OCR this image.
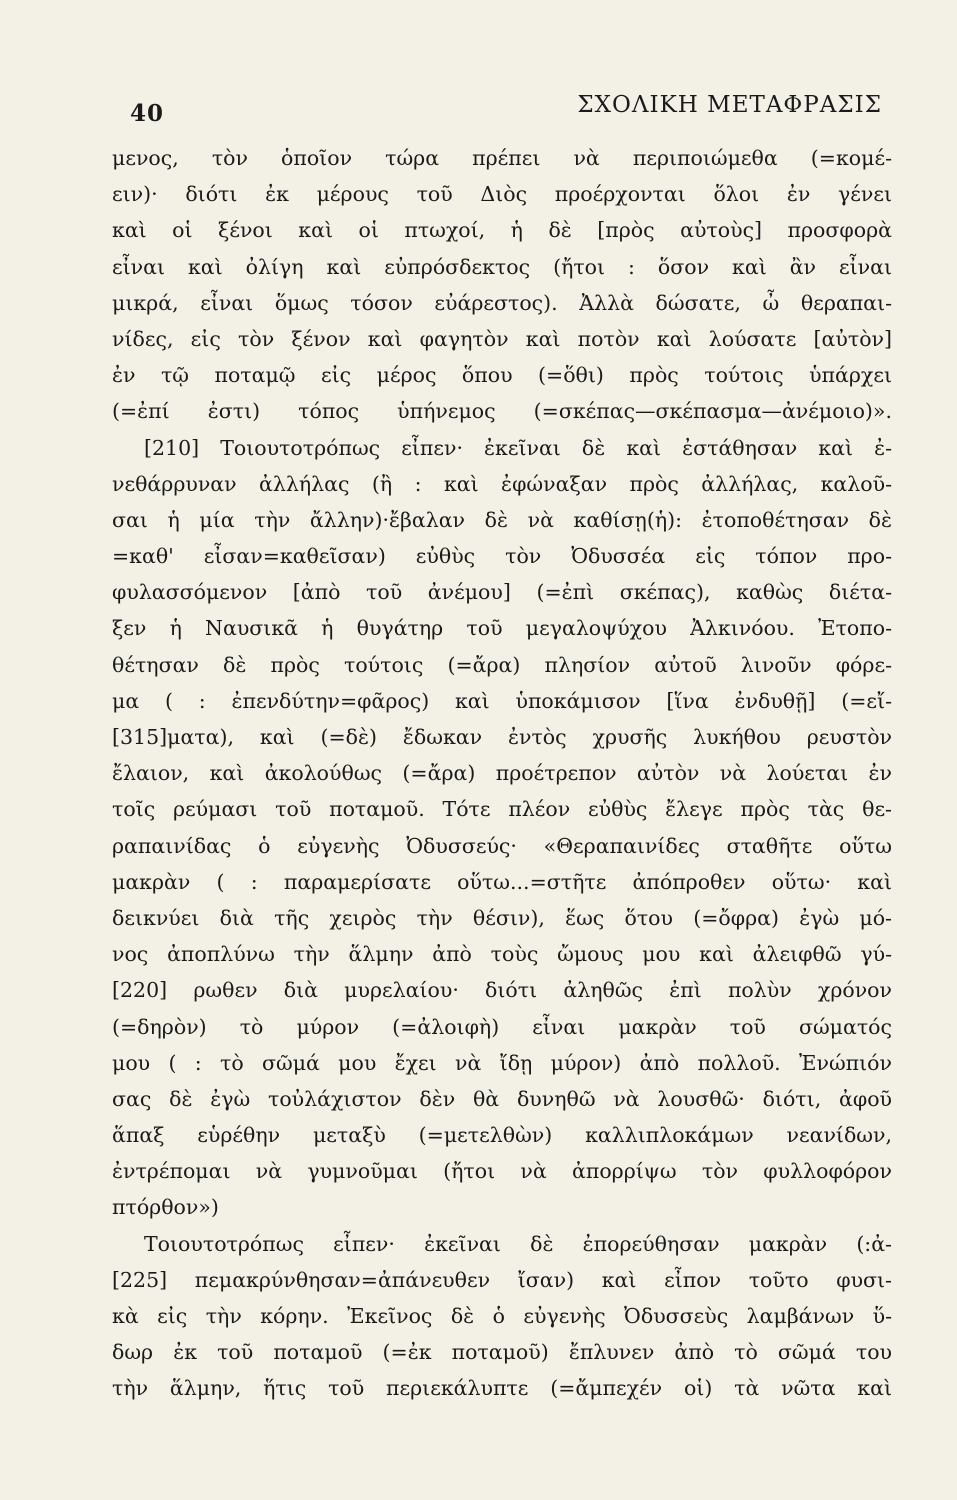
40	ΣΧΟΛΙΚΗ ΜΕΤΑΦΡΑΣΙΣ
μενος, τὸν ὁποῖον τώρα πρέπει νὰ περιποιώμεθα (=κομέ-
ειν)· διότι ἐκ μέρους τοῦ Διὸς προέρχονται ὅλοι ἐν γένει
καὶ οἱ ξένοι καὶ οἱ πτωχοί, ἡ δὲ [πρὸς αὐτοὺς] προσφορὰ
εἶναι καὶ ὀλίγη καὶ εὐπρόσδεκτος (ἤτοι : ὅσον καὶ ἂν εἶναι
μικρά, εἶναι ὅμως τόσον εὐάρεστος). Ἀλλὰ δώσατε, ὦ θεραπαι-
νίδες, εἰς τὸν ξένον καὶ φαγητὸν καὶ ποτὸν καὶ λούσατε [αὐτὸν]
ἐν τῷ ποταμῷ εἰς μέρος ὅπου (=ὅθι) πρὸς τούτοις ὑπάρχει
(=ἐπί ἐστι) τόπος ὑπήνεμος (=σκέπας—σκέπασμα—ἀνέμοιο)».
[210] Τοιουτοτρόπως εἶπεν· ἐκεῖναι δὲ καὶ ἐστάθησαν καὶ ἐ-
νεθάρρυναν ἀλλήλας (ἢ : καὶ ἐφώναξαν πρὸς ἀλλήλας, καλοῦ-
σαι ἡ μία τὴν ἄλλην)·ἔβαλαν δὲ νὰ καθίσῃ(ἡ): ἐτοποθέτησαν δὲ
=καθ' εἶσαν=καθεῖσαν) εὐθὺς τὸν Ὀδυσσέα εἰς τόπον προ-
φυλασσόμενον [ἀπὸ τοῦ ἀνέμου] (=ἐπὶ σκέπας), καθὼς διέτα-
ξεν ἡ Ναυσικᾶ ἡ θυγάτηρ τοῦ μεγαλοψύχου Ἀλκινόου. Ἐτοπο-
θέτησαν δὲ πρὸς τούτοις (=ἄρα) πλησίον αὐτοῦ λινοῦν φόρε-
μα ( : ἐπενδύτην=φᾶρος) καὶ ὑποκάμισον [ἵνα ἐνδυθῇ] (=εἴ-
[315]ματα), καὶ (=δὲ) ἔδωκαν ἐντὸς χρυσῆς λυκήθου ρευστὸν
ἔλαιον, καὶ ἀκολούθως (=ἄρα) προέτρεπον αὐτὸν νὰ λούεται ἐν
τοῖς ρεύμασι τοῦ ποταμοῦ. Τότε πλέον εὐθὺς ἔλεγε πρὸς τὰς θε-
ραπαινίδας ὁ εὐγενὴς Ὀδυσσεύς· «Θεραπαινίδες σταθῆτε οὕτω
μακρὰν ( : παραμερίσατε οὕτω...=στῆτε ἀπόπροθεν οὕτω· καὶ
δεικνύει διὰ τῆς χειρὸς τὴν θέσιν), ἕως ὅτου (=ὄφρα) ἐγὼ μό-
νος ἀποπλύνω τὴν ἅλμην ἀπὸ τοὺς ὤμους μου καὶ ἀλειφθῶ γύ-
[220] ρωθεν διὰ μυρελαίου· διότι ἀληθῶς ἐπὶ πολὺν χρόνον
(=δηρὸν) τὸ μύρον (=ἀλοιφὴ) εἶναι μακρὰν τοῦ σώματός
μου ( : τὸ σῶμά μου ἔχει νὰ ἴδῃ μύρον) ἀπὸ πολλοῦ. Ἐνώπιόν
σας δὲ ἐγὼ τοὐλάχιστον δὲν θὰ δυνηθῶ νὰ λουσθῶ· διότι, ἀφοῦ
ἅπαξ εὑρέθην μεταξὺ (=μετελθὼν) καλλιπλοκάμων νεανίδων,
ἐντρέπομαι νὰ γυμνοῦμαι (ἤτοι νὰ ἀπορρίψω τὸν φυλλοφόρον
πτόρθον»)
Τοιουτοτρόπως εἶπεν· ἐκεῖναι δὲ ἐπορεύθησαν μακρὰν (:ἀ-
[225] πεμακρύνθησαν=ἀπάνευθεν ἴσαν) καὶ εἶπον τοῦτο φυσι-
κὰ εἰς τὴν κόρην. Ἐκεῖνος δὲ ὁ εὐγενὴς Ὀδυσσεὺς λαμβάνων ὕ-
δωρ ἐκ τοῦ ποταμοῦ (=ἐκ ποταμοῦ) ἔπλυνεν ἀπὸ τὸ σῶμά του
τὴν ἅλμην, ἥτις τοῦ περιεκάλυπτε (=ἄμπεχέν οἱ) τὰ νῶτα καὶ
